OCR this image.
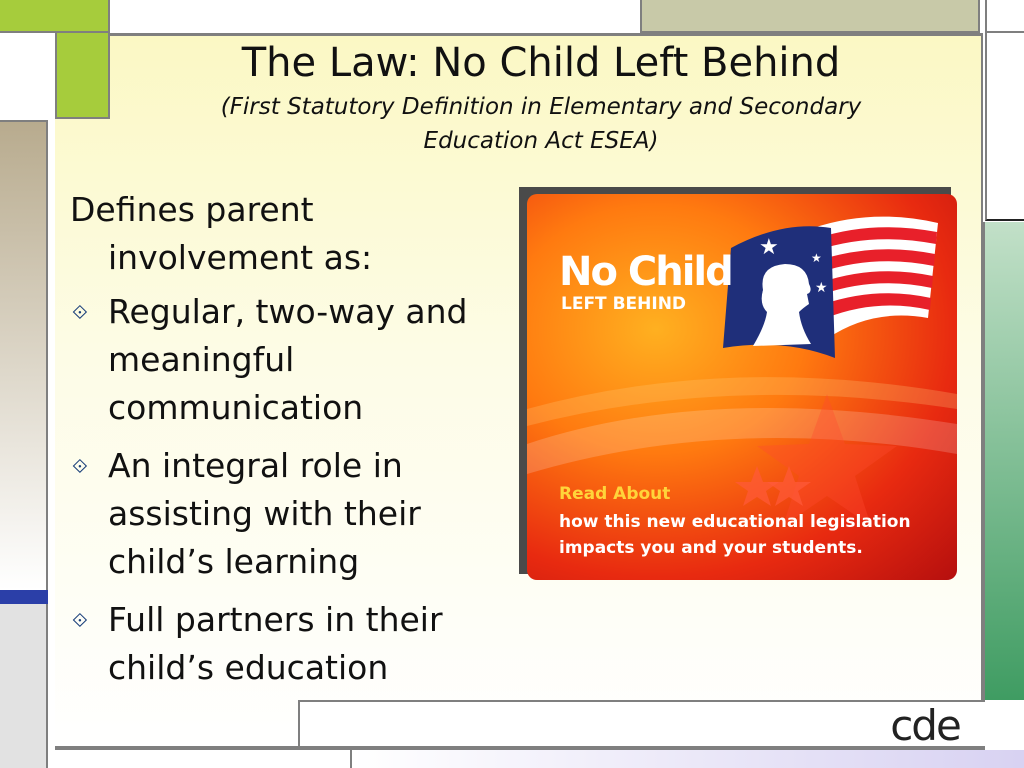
The Law: No Child Left Behind
(First Statutory Definition in Elementary and Secondary Education Act ESEA)
Defines parent involvement as:
⟐ Regular, two-way and meaningful communication
⟐ An integral role in assisting with their child’s learning
⟐ Full partners in their child’s education
★	★
★
No Child
LEFT BEHIND
Read About
how this new educational legislation
impacts you and your students.
cde
